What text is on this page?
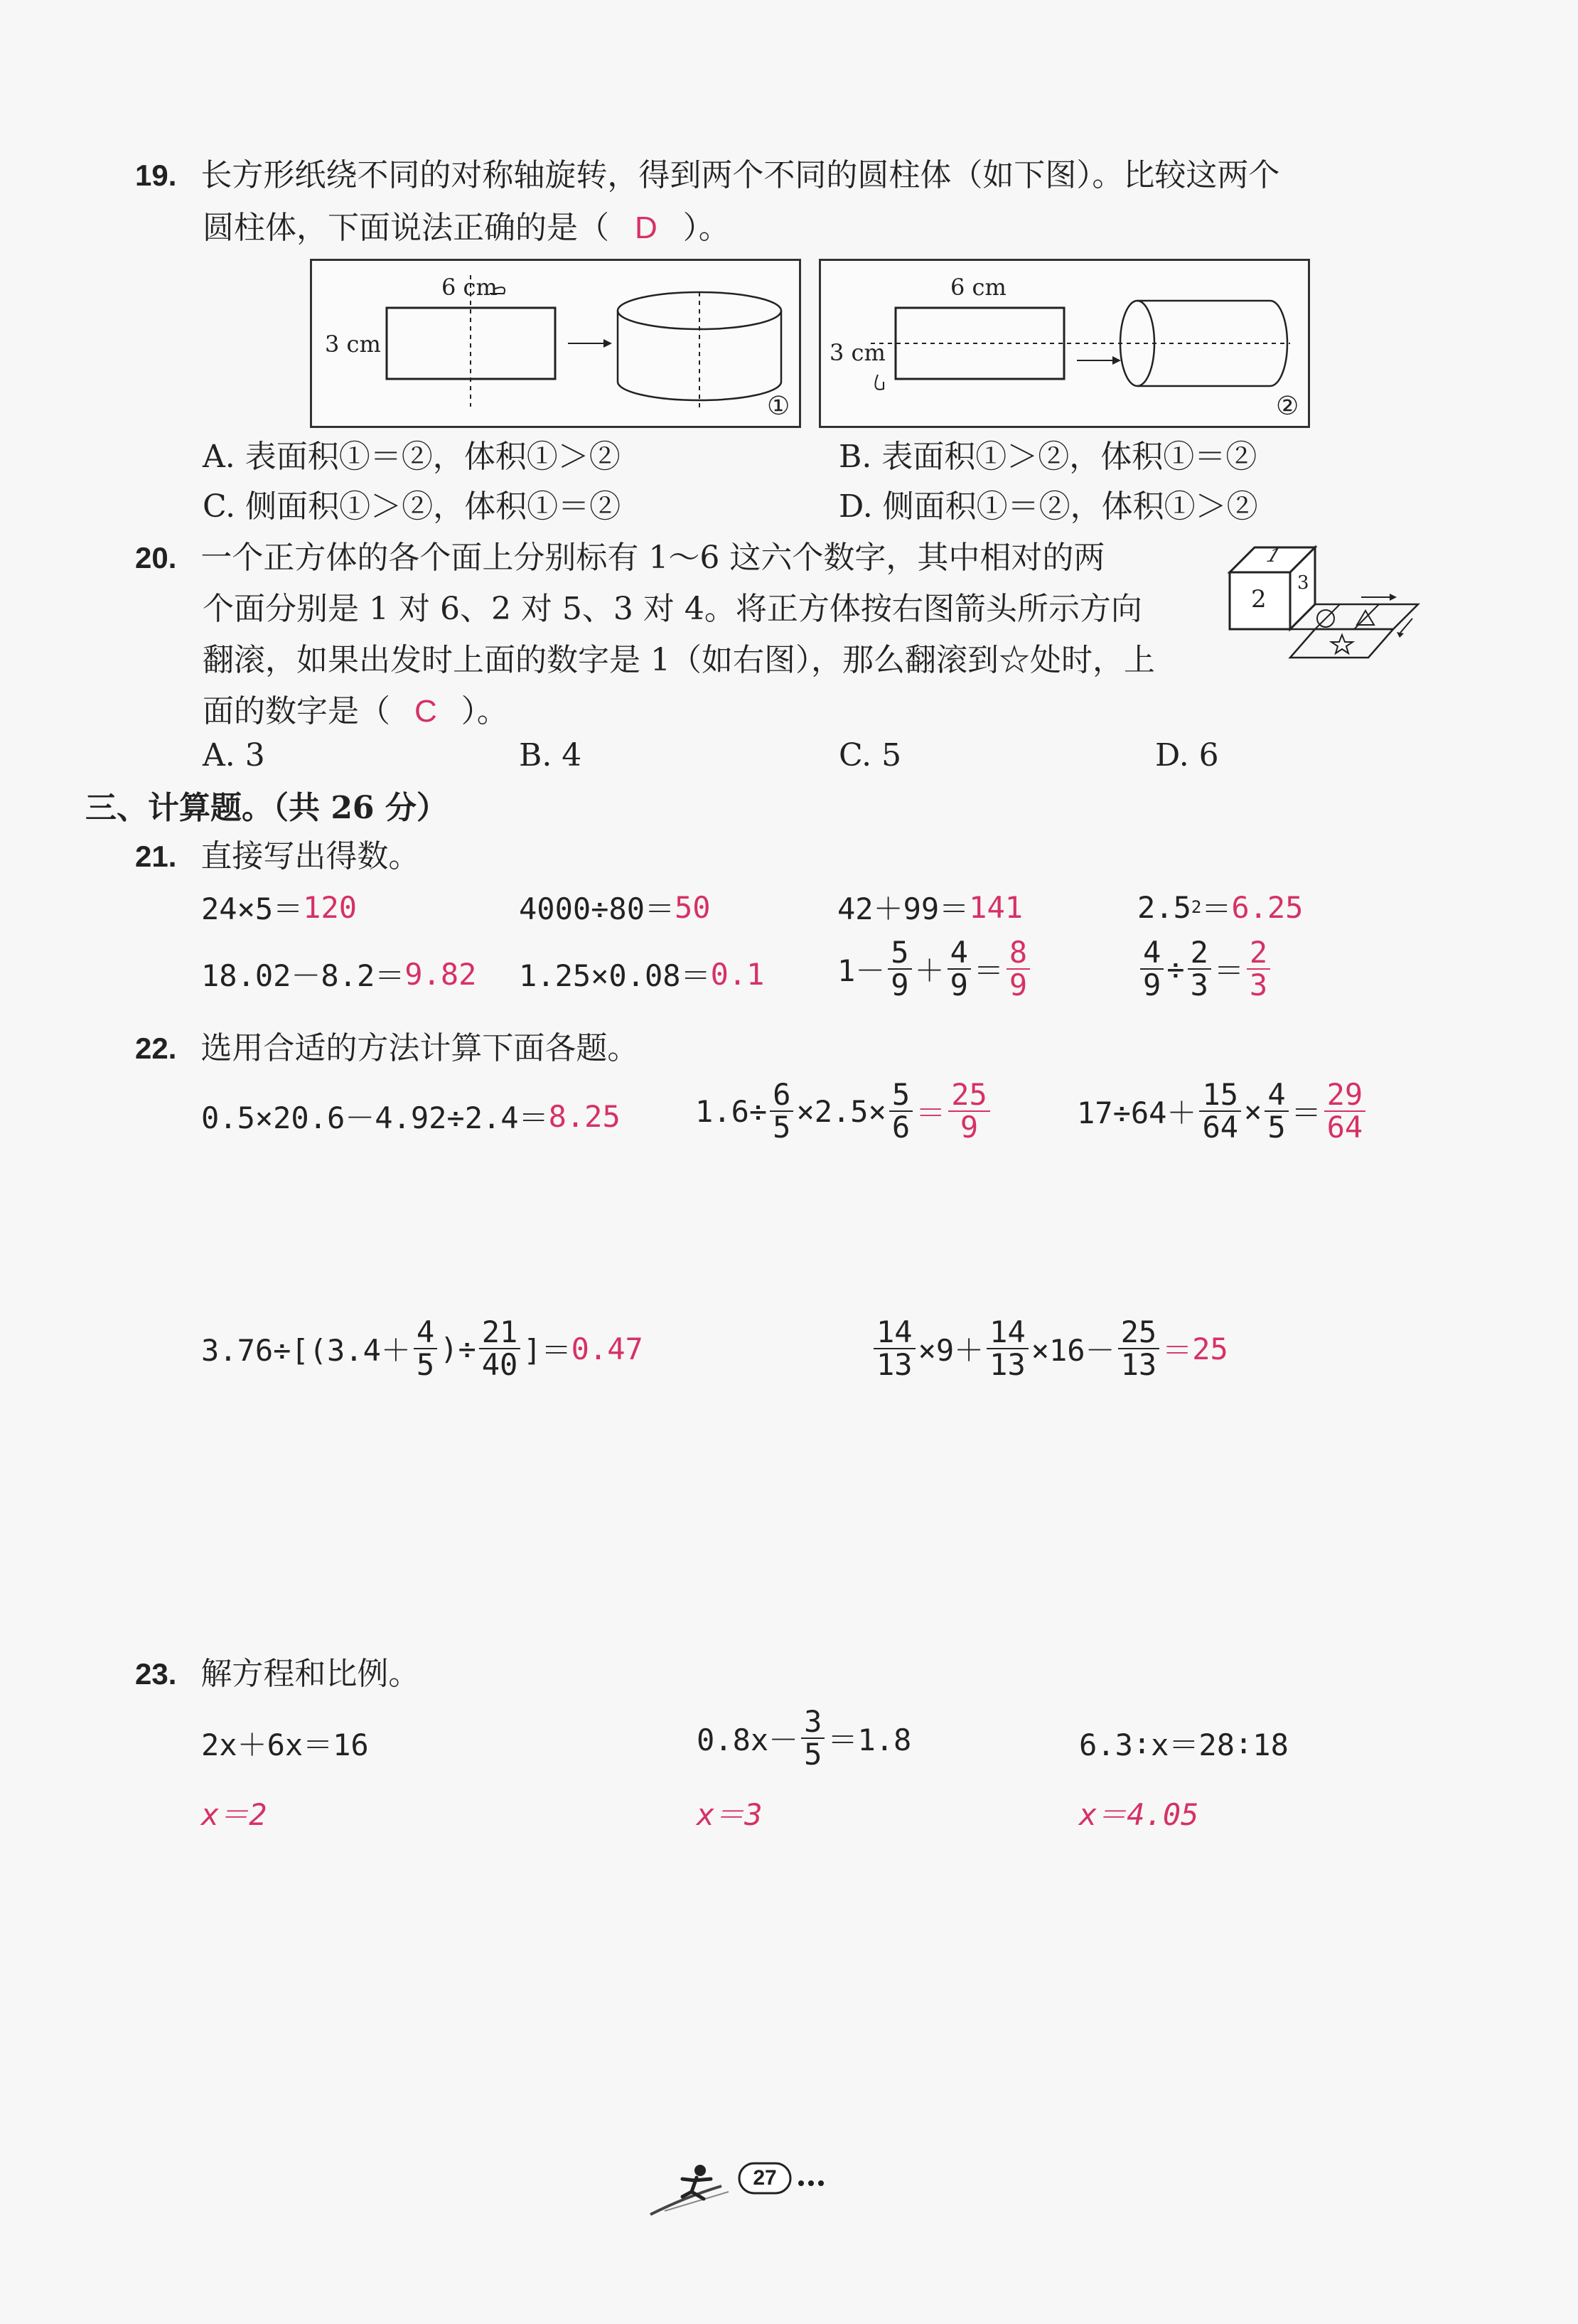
19. 长方形纸绕不同的对称轴旋转，得到两个不同的圆柱体（如下图）。比较这两个
圆柱体，下面说法正确的是（ D ）。
6 cm
3 cm
①
6 cm
3 cm
②
A. 表面积①＝②，体积①＞②	B. 表面积①＞②，体积①＝②
C. 侧面积①＞②，体积①＝②	D. 侧面积①＝②，体积①＞②
20. 一个正方体的各个面上分别标有 1～6 这六个数字，其中相对的两
个面分别是 1 对 6、2 对 5、3 对 4。将正方体按右图箭头所示方向
翻滚，如果出发时上面的数字是 1（如右图），那么翻滚到☆处时，上
面的数字是（ C ）。
1
2
3
A. 3	B. 4	C. 5	D. 6
三、计算题。（共 26 分）
21. 直接写出得数。
24×5＝ 120	4000÷80＝ 50	42＋99＝ 141	2.5 2 ＝ 6.25
18.02－8.2＝ 9.82 1.25×0.08＝ 0.1 $1- \frac{5}{9} + \frac{4}{9} = \frac{8}{9}$	$\frac{4}{9} \div \frac{2}{3} = \frac{2}{3}$
22. 选用合适的方法计算下面各题。
0.5×20.6－4.92÷2.4＝ 8.25	$1.6\div \frac{6}{5} \times 2.5\times \frac{5}{6} = \frac{25}{9}$	$17\div 64+ \frac{15}{64} \times \frac{4}{5} = \frac{29}{64}$
$3.76\div[(3.4+ \frac{4}{5}$ )÷ $\frac{21}{40}$ ]＝ 0.47	$\frac{14}{13} \times 9+ \frac{14}{13} \times 16- \frac{25}{13} = 25$
23. 解方程和比例。
2x＋6x＝16	$0.8x- \frac{3}{5} =1.8$	6.3∶x＝28∶18
x＝2	x＝3	x＝4.05
27
